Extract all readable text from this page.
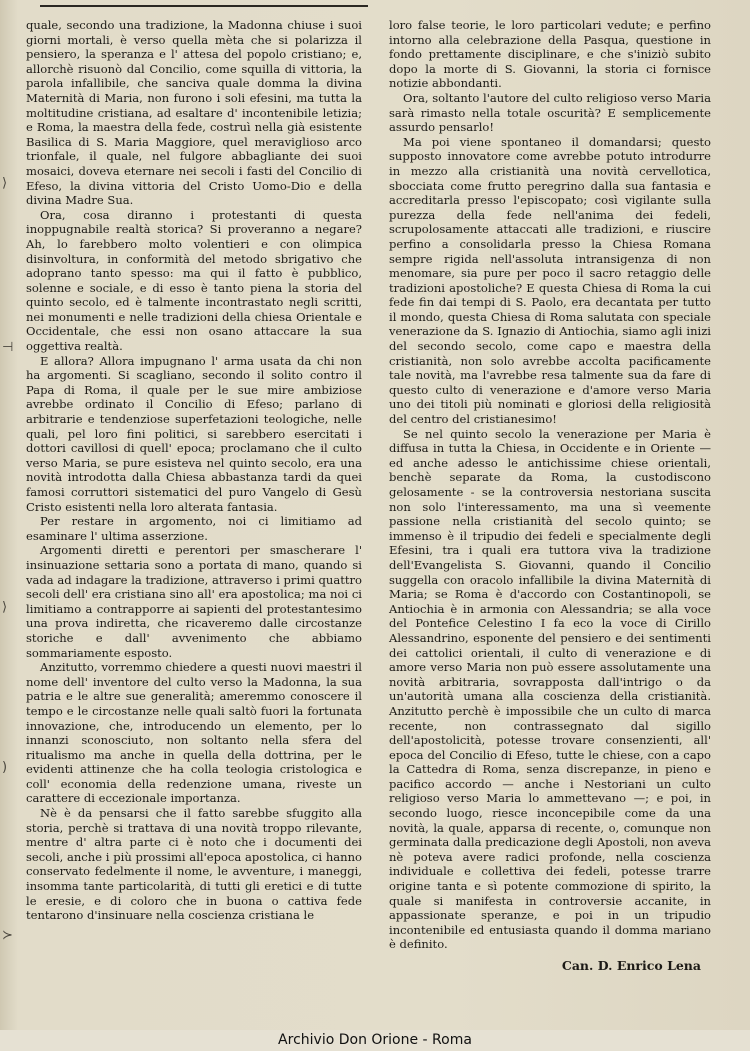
⟩
⊣
⟩
)
≻

quale, secondo una tradizione, la Madonna chiuse i suoi giorni mortali, è verso quella mèta che si polarizza il pensiero, la speranza e l' attesa del popolo cristiano; e, allorchè risuonò dal Concilio, come squilla di vittoria, la parola infallibile, che sanciva quale domma la divina Maternità di Maria, non furono i soli efesini, ma tutta la moltitudine cristiana, ad esaltare d' incontenibile letizia; e Roma, la maestra della fede, costruì nella già esistente Basilica di S. Maria Maggiore, quel meraviglioso arco trionfale, il quale, nel fulgore abbagliante dei suoi mosaici, doveva eternare nei secoli i fasti del Concilio di Efeso, la divina vittoria del Cristo Uomo-Dio e della divina Madre Sua.

Ora, cosa diranno i protestanti di questa inoppugnabile realtà storica? Si proveranno a negare? Ah, lo farebbero molto volentieri e con olimpica disinvoltura, in conformità del metodo sbrigativo che adoprano tanto spesso: ma qui il fatto è pubblico, solenne e sociale, e di esso è tanto piena la storia del quinto secolo, ed è talmente incontrastato negli scritti, nei monumenti e nelle tradizioni della chiesa Orientale e Occidentale, che essi non osano attaccare la sua oggettiva realtà.

E allora? Allora impugnano l' arma usata da chi non ha argomenti. Si scagliano, secondo il solito contro il Papa di Roma, il quale per le sue mire ambiziose avrebbe ordinato il Concilio di Efeso; parlano di arbitrarie e tendenziose superfetazioni teologiche, nelle quali, pel loro fini politici, si sarebbero esercitati i dottori cavillosi di quell' epoca; proclamano che il culto verso Maria, se pure esisteva nel quinto secolo, era una novità introdotta dalla Chiesa abbastanza tardi da quei famosi corruttori sistematici del puro Vangelo di Gesù Cristo esistenti nella loro alterata fantasia.

Per restare in argomento, noi ci limitiamo ad esaminare l' ultima asserzione.

Argomenti diretti e perentori per smascherare l' insinuazione settaria sono a portata di mano, quando si vada ad indagare la tradizione, attraverso i primi quattro secoli dell' era cristiana sino all' era apostolica; ma noi ci limitiamo a contrapporre ai sapienti del protestantesimo una prova indiretta, che ricaveremo dalle circostanze storiche e dall' avvenimento che abbiamo sommariamente esposto.

Anzitutto, vorremmo chiedere a questi nuovi maestri il nome dell' inventore del culto verso la Madonna, la sua patria e le altre sue generalità; ameremmo conoscere il tempo e le circostanze nelle quali saltò fuori la fortunata innovazione, che, introducendo un elemento, per lo innanzi sconosciuto, non soltanto nella sfera del ritualismo ma anche in quella della dottrina, per le evidenti attinenze che ha colla teologia cristologica e coll' economia della redenzione umana, riveste un carattere di eccezionale importanza.

Nè è da pensarsi che il fatto sarebbe sfuggito alla storia, perchè si trattava di una novità troppo rilevante, mentre d' altra parte ci è noto che i documenti dei secoli, anche i più prossimi all'epoca apostolica, ci hanno conservato fedelmente il nome, le avventure, i maneggi, insomma tante particolarità, di tutti gli eretici e di tutte le eresie, e di coloro che in buona o cattiva fede tentarono d'insinuare nella coscienza cristiana le

loro false teorie, le loro particolari vedute; e perfino intorno alla celebrazione della Pasqua, questione in fondo prettamente disciplinare, e che s'iniziò subito dopo la morte di S. Giovanni, la storia ci fornisce notizie abbondanti.

Ora, soltanto l'autore del culto religioso verso Maria sarà rimasto nella totale oscurità? E semplicemente assurdo pensarlo!

Ma poi viene spontaneo il domandarsi; questo supposto innovatore come avrebbe potuto introdurre in mezzo alla cristianità una novità cervellotica, sbocciata come frutto peregrino dalla sua fantasia e accreditarla presso l'episcopato; così vigilante sulla purezza della fede nell'anima dei fedeli, scrupolosamente attaccati alle tradizioni, e riuscire perfino a consolidarla presso la Chiesa Romana sempre rigida nell'assoluta intransigenza di non menomare, sia pure per poco il sacro retaggio delle tradizioni apostoliche? E questa Chiesa di Roma la cui fede fin dai tempi di S. Paolo, era decantata per tutto il mondo, questa Chiesa di Roma salutata con speciale venerazione da S. Ignazio di Antiochia, siamo agli inizi del secondo secolo, come capo e maestra della cristianità, non solo avrebbe accolta pacificamente tale novità, ma l'avrebbe resa talmente sua da fare di questo culto di venerazione e d'amore verso Maria uno dei titoli più nominati e gloriosi della religiosità del centro del cristianesimo!

Se nel quinto secolo la venerazione per Maria è diffusa in tutta la Chiesa, in Occidente e in Oriente — ed anche adesso le antichissime chiese orientali, benchè separate da Roma, la custodiscono gelosamente - se la controversia nestoriana suscita non solo l'interessamento, ma una sì veemente passione nella cristianità del secolo quinto; se immenso è il tripudio dei fedeli e specialmente degli Efesini, tra i quali era tuttora viva la tradizione dell'Evangelista S. Giovanni, quando il Concilio suggella con oracolo infallibile la divina Maternità di Maria; se Roma è d'accordo con Costantinopoli, se Antiochia è in armonia con Alessandria; se alla voce del Pontefice Celestino I fa eco la voce di Cirillo Alessandrino, esponente del pensiero e dei sentimenti dei cattolici orientali, il culto di venerazione e di amore verso Maria non può essere assolutamente una novità arbitraria, sovrapposta dall'intrigo o da un'autorità umana alla coscienza della cristianità. Anzitutto perchè è impossibile che un culto di marca recente, non contrassegnato dal sigillo dell'apostolicità, potesse trovare consenzienti, all' epoca del Concilio di Efeso, tutte le chiese, con a capo la Cattedra di Roma, senza discrepanze, in pieno e pacifico accordo — anche i Nestoriani un culto religioso verso Maria lo ammettevano —; e poi, in secondo luogo, riesce inconcepibile come da una novità, la quale, apparsa di recente, o, comunque non germinata dalla predicazione degli Apostoli, non aveva nè poteva avere radici profonde, nella coscienza individuale e collettiva dei fedeli, potesse trarre origine tanta e sì potente commozione di spirito, la quale si manifesta in controversie accanite, in appassionate speranze, e poi in un tripudio incontenibile ed entusiasta quando il domma mariano è definito.

Can. D. Enrico Lena
Archivio Don Orione - Roma
